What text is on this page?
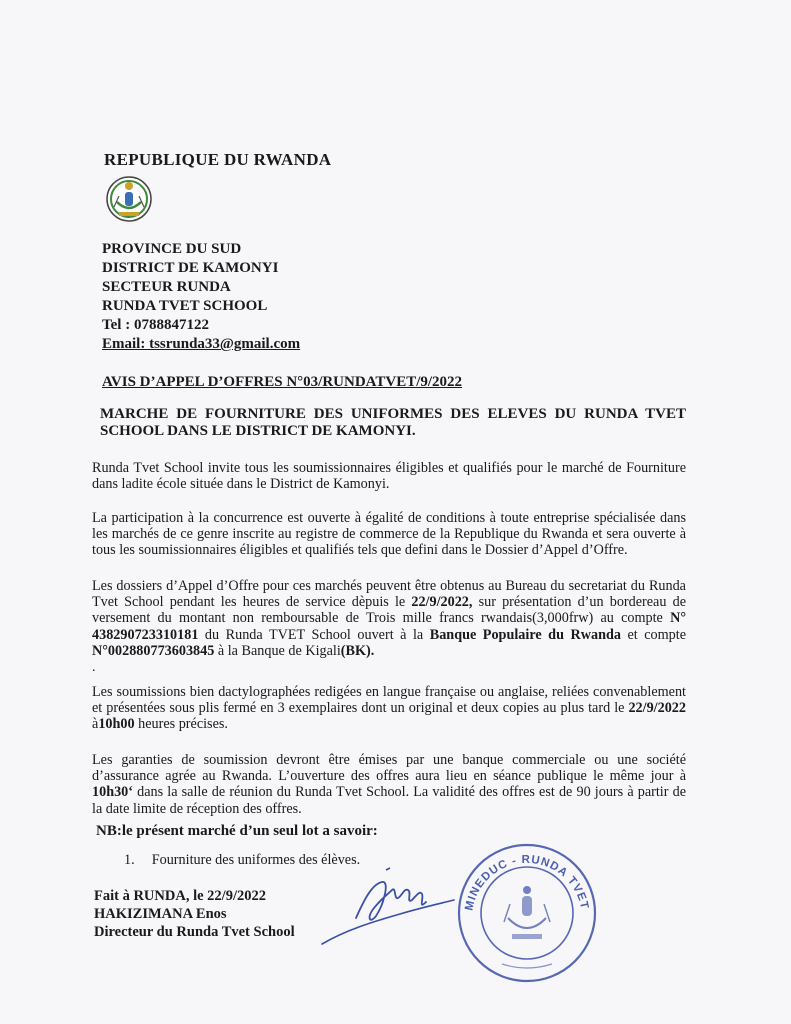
REPUBLIQUE DU RWANDA
PROVINCE DU SUD
DISTRICT DE KAMONYI
SECTEUR RUNDA
RUNDA TVET SCHOOL
Tel : 0788847122
Email: tssrunda33@gmail.com
AVIS D’APPEL D’OFFRES N°03/RUNDATVET/9/2022
MARCHE DE FOURNITURE DES UNIFORMES DES ELEVES DU RUNDA TVET SCHOOL DANS LE DISTRICT DE KAMONYI.

Runda Tvet School invite tous les soumissionnaires éligibles et qualifiés pour le marché de Fourniture dans ladite école située dans le District de Kamonyi.

La participation à la concurrence est ouverte à égalité de conditions à toute entreprise spécialisée dans les marchés de ce genre inscrite au registre de commerce de la Republique du Rwanda et sera ouverte à tous les soumissionnaires éligibles et qualifiés tels que defini dans le Dossier d’Appel d’Offre.

Les dossiers d’Appel d’Offre pour ces marchés peuvent être obtenus au Bureau du secretariat du Runda Tvet School pendant les heures de service dèpuis le 22/9/2022, sur présentation d’un bordereau de versement du montant non remboursable de Trois mille francs rwandais(3,000frw) au compte N° 438290723310181 du Runda TVET School ouvert à la Banque Populaire du Rwanda et compte N°002880773603845 à la Banque de Kigali(BK).

.

Les soumissions bien dactylographées redigées en langue française ou anglaise, reliées convenablement et présentées sous plis fermé en 3 exemplaires dont un original et deux copies au plus tard le 22/9/2022 à10h00 heures précises.

Les garanties de soumission devront être émises par une banque commerciale ou une société d’assurance agrée au Rwanda. L’ouverture des offres aura lieu en séance publique le même jour à 10h30‘ dans la salle de réunion du Runda Tvet School. La validité des offres est de 90 jours à partir de la date limite de réception des offres.

NB:le présent marché d’un seul lot a savoir:
1. Fourniture des uniformes des élèves.
Fait à RUNDA, le 22/9/2022
HAKIZIMANA Enos
Directeur du Runda Tvet School
MINEDUC - RUNDA TVET
